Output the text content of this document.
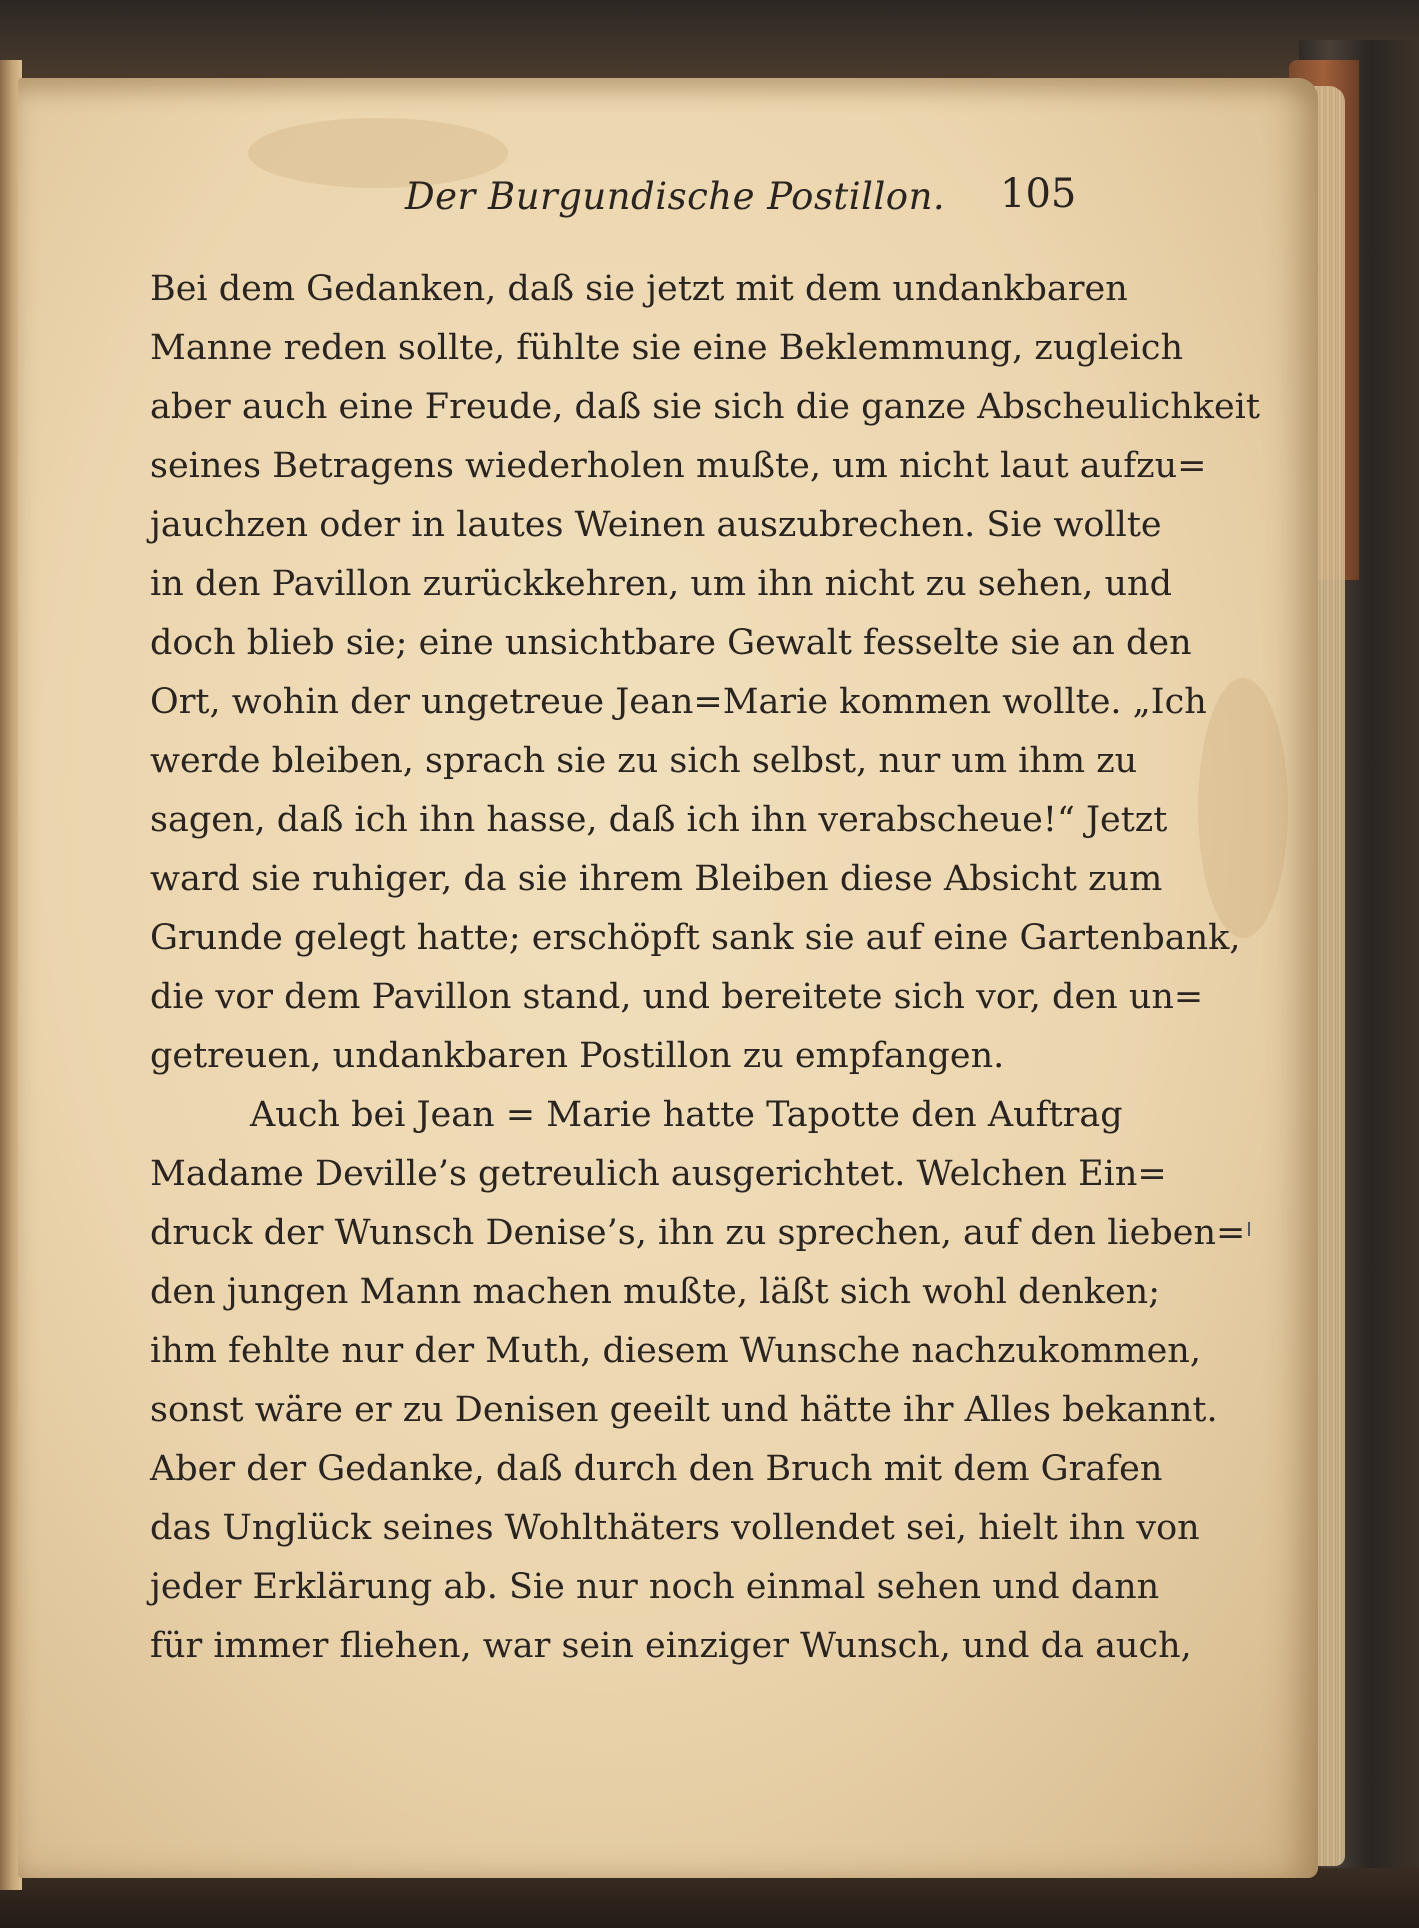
Der Burgundische Postillon. 105
Bei dem Gedanken, daß sie jetzt mit dem undankbaren
Manne reden sollte, fühlte sie eine Beklemmung, zugleich
aber auch eine Freude, daß sie sich die ganze Abscheulichkeit
seines Betragens wiederholen mußte, um nicht laut aufzu=
jauchzen oder in lautes Weinen auszubrechen. Sie wollte
in den Pavillon zurückkehren, um ihn nicht zu sehen, und
doch blieb sie; eine unsichtbare Gewalt fesselte sie an den
Ort, wohin der ungetreue Jean=Marie kommen wollte. „Ich
werde bleiben, sprach sie zu sich selbst, nur um ihm zu
sagen, daß ich ihn hasse, daß ich ihn verabscheue!“ Jetzt
ward sie ruhiger, da sie ihrem Bleiben diese Absicht zum
Grunde gelegt hatte; erschöpft sank sie auf eine Gartenbank,
die vor dem Pavillon stand, und bereitete sich vor, den un=
getreuen, undankbaren Postillon zu empfangen.
Auch bei Jean = Marie hatte Tapotte den Auftrag
Madame Deville’s getreulich ausgerichtet. Welchen Ein=
druck der Wunsch Denise’s, ihn zu sprechen, auf den lieben=
den jungen Mann machen mußte, läßt sich wohl denken;
ihm fehlte nur der Muth, diesem Wunsche nachzukommen,
sonst wäre er zu Denisen geeilt und hätte ihr Alles bekannt.
Aber der Gedanke, daß durch den Bruch mit dem Grafen
das Unglück seines Wohlthäters vollendet sei, hielt ihn von
jeder Erklärung ab. Sie nur noch einmal sehen und dann
für immer fliehen, war sein einziger Wunsch, und da auch,
